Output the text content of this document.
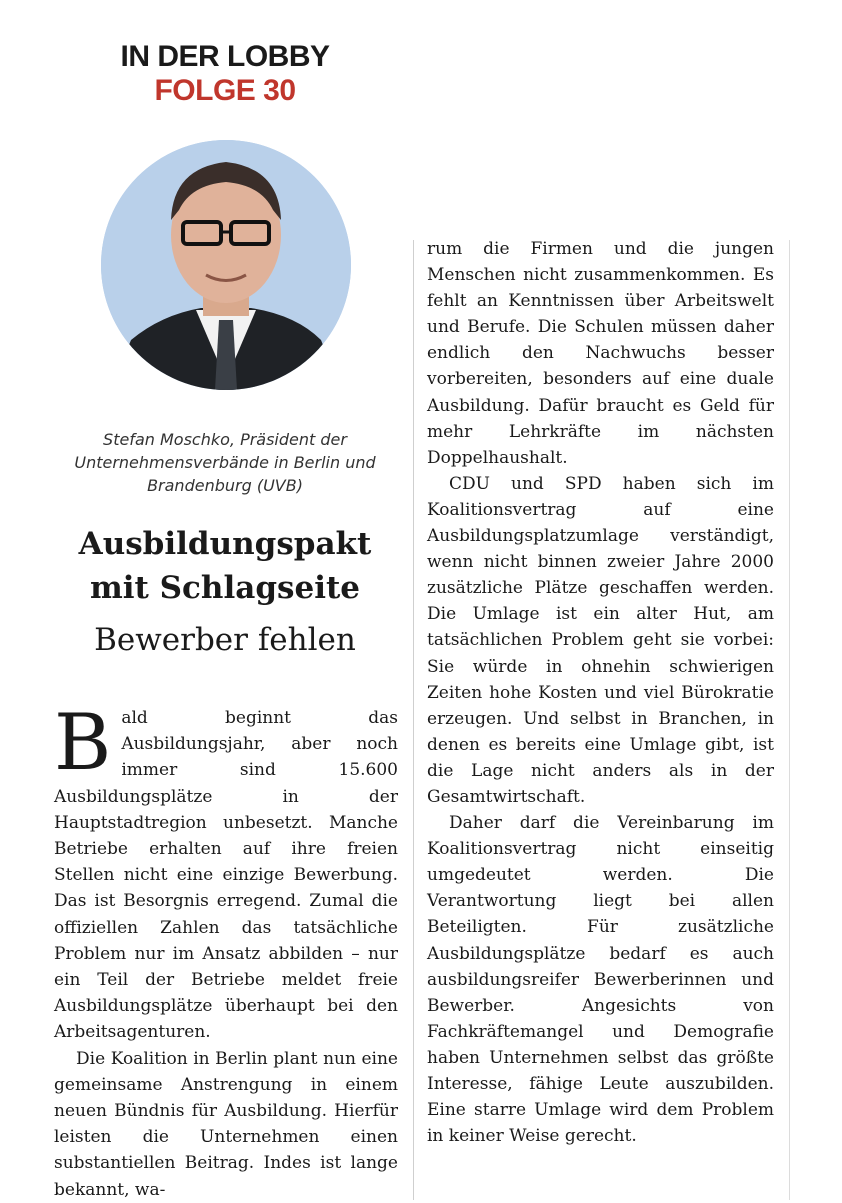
IN DER LOBBY
FOLGE 30
Stefan Moschko, Präsident der Unternehmensverbände in Berlin und Brandenburg (UVB)
Ausbildungspakt mit Schlagseite
Bewerber fehlen

Bald beginnt das Ausbildungsjahr, aber noch immer sind 15.600 Ausbildungsplätze in der Hauptstadtregion unbesetzt. Manche Betriebe erhalten auf ihre freien Stellen nicht eine einzige Bewerbung. Das ist Besorgnis erregend. Zumal die offiziellen Zahlen das tatsächliche Problem nur im Ansatz abbilden – nur ein Teil der Betriebe meldet freie Ausbildungsplätze überhaupt bei den Arbeitsagenturen.

Die Koalition in Berlin plant nun eine gemeinsame Anstrengung in einem neuen Bündnis für Ausbildung. Hierfür leisten die Unternehmen einen substantiellen Beitrag. Indes ist lange bekannt, wa-

rum die Firmen und die jungen Menschen nicht zusammenkommen. Es fehlt an Kenntnissen über Arbeitswelt und Berufe. Die Schulen müssen daher endlich den Nachwuchs besser vorbereiten, besonders auf eine duale Ausbildung. Dafür braucht es Geld für mehr Lehrkräfte im nächsten Doppelhaushalt.

CDU und SPD haben sich im Koalitionsvertrag auf eine Ausbildungsplatzumlage verständigt, wenn nicht binnen zweier Jahre 2000 zusätzliche Plätze geschaffen werden. Die Umlage ist ein alter Hut, am tatsächlichen Problem geht sie vorbei: Sie würde in ohnehin schwierigen Zeiten hohe Kosten und viel Bürokratie erzeugen. Und selbst in Branchen, in denen es bereits eine Umlage gibt, ist die Lage nicht anders als in der Gesamtwirtschaft.

Daher darf die Vereinbarung im Koalitionsvertrag nicht einseitig umgedeutet werden. Die Verantwortung liegt bei allen Beteiligten. Für zusätzliche Ausbildungsplätze bedarf es auch ausbildungsreifer Bewerberinnen und Bewerber. Angesichts von Fachkräftemangel und Demografie haben Unternehmen selbst das größte Interesse, fähige Leute auszubilden. Eine starre Umlage wird dem Problem in keiner Weise gerecht.
